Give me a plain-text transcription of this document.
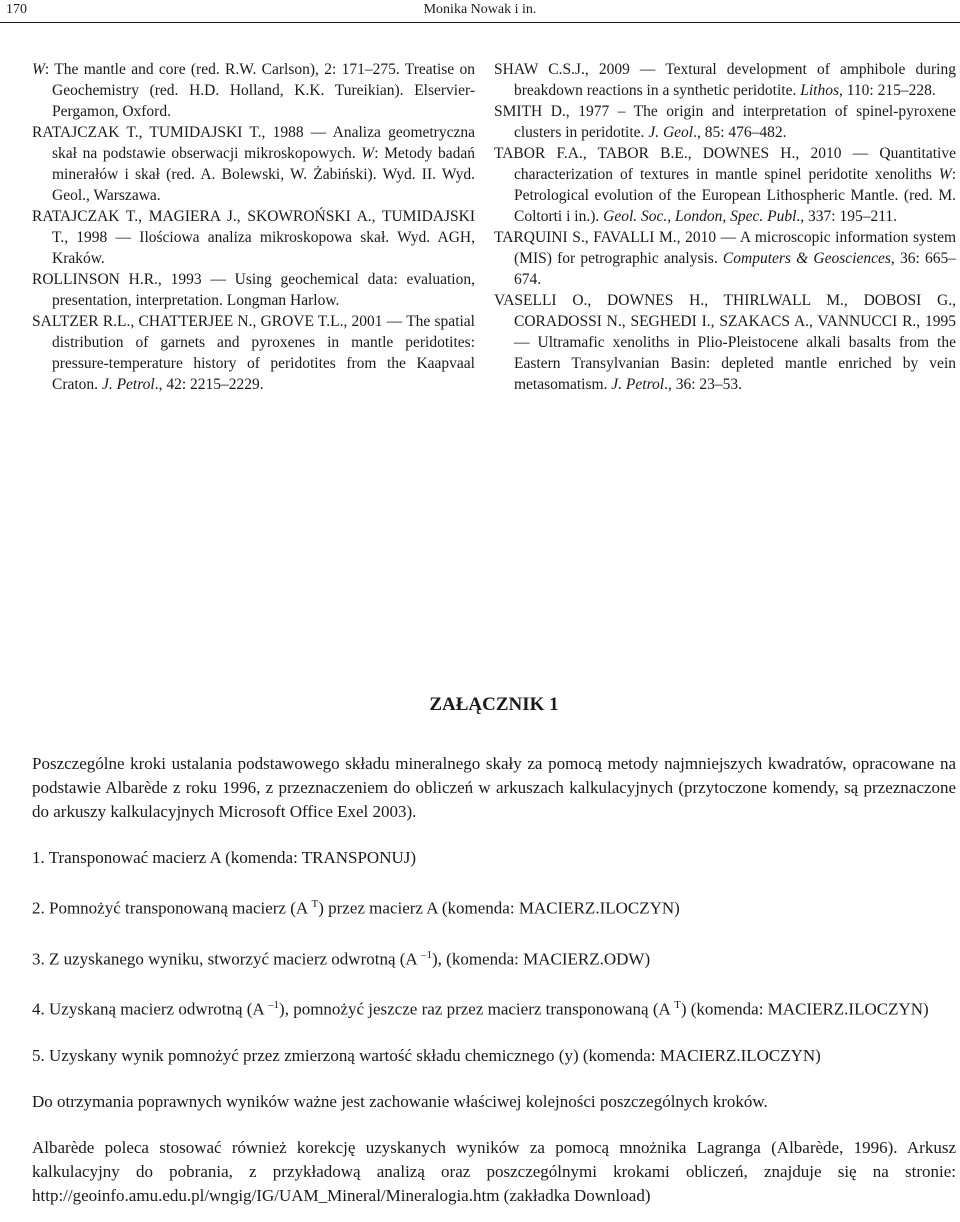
170	Monika Nowak i in.

W: The mantle and core (red. R.W. Carlson), 2: 171–275. Treatise on Geochemistry (red. H.D. Holland, K.K. Tureikian). Elservier-Pergamon, Oxford.

RATAJCZAK T., TUMIDAJSKI T., 1988 — Analiza geometryczna skał na podstawie obserwacji mikroskopowych. W: Metody badań minerałów i skał (red. A. Bolewski, W. Żabiński). Wyd. II. Wyd. Geol., Warszawa.

RATAJCZAK T., MAGIERA J., SKOWROŃSKI A., TUMIDAJSKI T., 1998 — Ilościowa analiza mikroskopowa skał. Wyd. AGH, Kraków.

ROLLINSON H.R., 1993 — Using geochemical data: evaluation, presentation, interpretation. Longman Harlow.

SALTZER R.L., CHATTERJEE N., GROVE T.L., 2001 — The spatial distribution of garnets and pyroxenes in mantle peridotites: pressure-temperature history of peridotites from the Kaapvaal Craton. J. Petrol., 42: 2215–2229.

SHAW C.S.J., 2009 — Textural development of amphibole during breakdown reactions in a synthetic peridotite. Lithos, 110: 215–228.

SMITH D., 1977 – The origin and interpretation of spinel-pyroxene clusters in peridotite. J. Geol., 85: 476–482.

TABOR F.A., TABOR B.E., DOWNES H., 2010 — Quantitative characterization of textures in mantle spinel peridotite xenoliths W: Petrological evolution of the European Lithospheric Mantle. (red. M. Coltorti i in.). Geol. Soc., London, Spec. Publ., 337: 195–211.

TARQUINI S., FAVALLI M., 2010 — A microscopic information system (MIS) for petrographic analysis. Computers & Geosciences, 36: 665–674.

VASELLI O., DOWNES H., THIRLWALL M., DOBOSI G., CORADOSSI N., SEGHEDI I., SZAKACS A., VANNUCCI R., 1995 — Ultramafic xenoliths in Plio-Pleistocene alkali basalts from the Eastern Transylvanian Basin: depleted mantle enriched by vein metasomatism. J. Petrol., 36: 23–53.

ZAŁĄCZNIK 1

Poszczególne kroki ustalania podstawowego składu mineralnego skały za pomocą metody najmniejszych kwadratów, opracowane na podstawie Albarède z roku 1996, z przeznaczeniem do obliczeń w arkuszach kalkulacyjnych (przytoczone komendy, są przeznaczone do arkuszy kalkulacyjnych Microsoft Office Exel 2003).

1. Transponować macierz A (komenda: TRANSPONUJ)
2. Pomnożyć transponowaną macierz (A $^T$) przez macierz A (komenda: MACIERZ.ILOCZYN)
3. Z uzyskanego wyniku, stworzyć macierz odwrotną (A $^{-1}$), (komenda: MACIERZ.ODW)
4. Uzyskaną macierz odwrotną (A $^{-1}$), pomnożyć jeszcze raz przez macierz transponowaną (A $^T$) (komenda: MACIERZ.ILOCZYN)
5. Uzyskany wynik pomnożyć przez zmierzoną wartość składu chemicznego (y) (komenda: MACIERZ.ILOCZYN)

Do otrzymania poprawnych wyników ważne jest zachowanie właściwej kolejności poszczególnych kroków.

Albarède poleca stosować również korekcję uzyskanych wyników za pomocą mnożnika Lagranga (Albarède, 1996). Arkusz kalkulacyjny do pobrania, z przykładową analizą oraz poszczególnymi krokami obliczeń, znajduje się na stronie: http://geoinfo.amu.edu.pl/wngig/IG/UAM_Mineral/Mineralogia.htm (zakładka Download)
